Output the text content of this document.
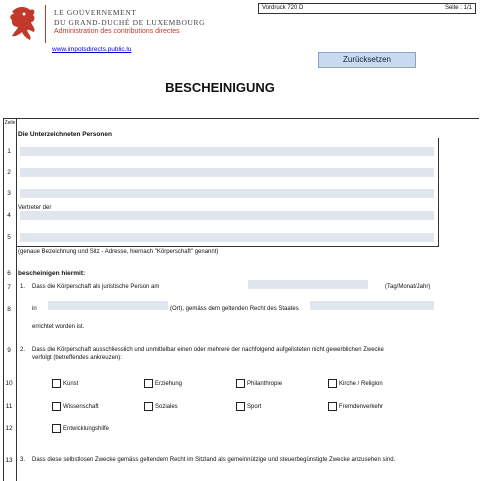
LE GOUVERNEMENT
DU GRAND-DUCHÉ DE LUXEMBOURG
Administration des contributions directes
www.impotsdirects.public.lu
Vordruck 720 D	Seite : 1/1
Zurücksetzen
BESCHEINIGUNG
Zeile
Die Unterzeichneten Personen
1
2
3
Vertreter der
4
5
(genaue Bezeichnung und Sitz - Adresse, hiernach "Körperschaft" genannt)
6	bescheinigen hiermit:
7	1. Dass die Körperschaft als juristische Person am	(Tag/Monat/Jahr)
8	in	(Ort), gemäss dem geltenden Recht des Staates
errichtet worden ist.
9	2. Dass die Körperschaft ausschliesslich und unmittelbar einen oder mehrere der nachfolgend aufgelisteten nicht gewerblichen Zwecke
verfolgt (betreffendes ankreuzen):
10	Kunst	Erziehung	Philanthropie	Kirche / Religion
11	Wissenschaft	Soziales	Sport	Fremdenverkehr
12	Entwicklungshilfe
13	3. Dass diese selbstlosen Zwecke gemäss geltendem Recht im Sitzland als gemeinnützige und steuerbegünstigte Zwecke anzusehen sind.
